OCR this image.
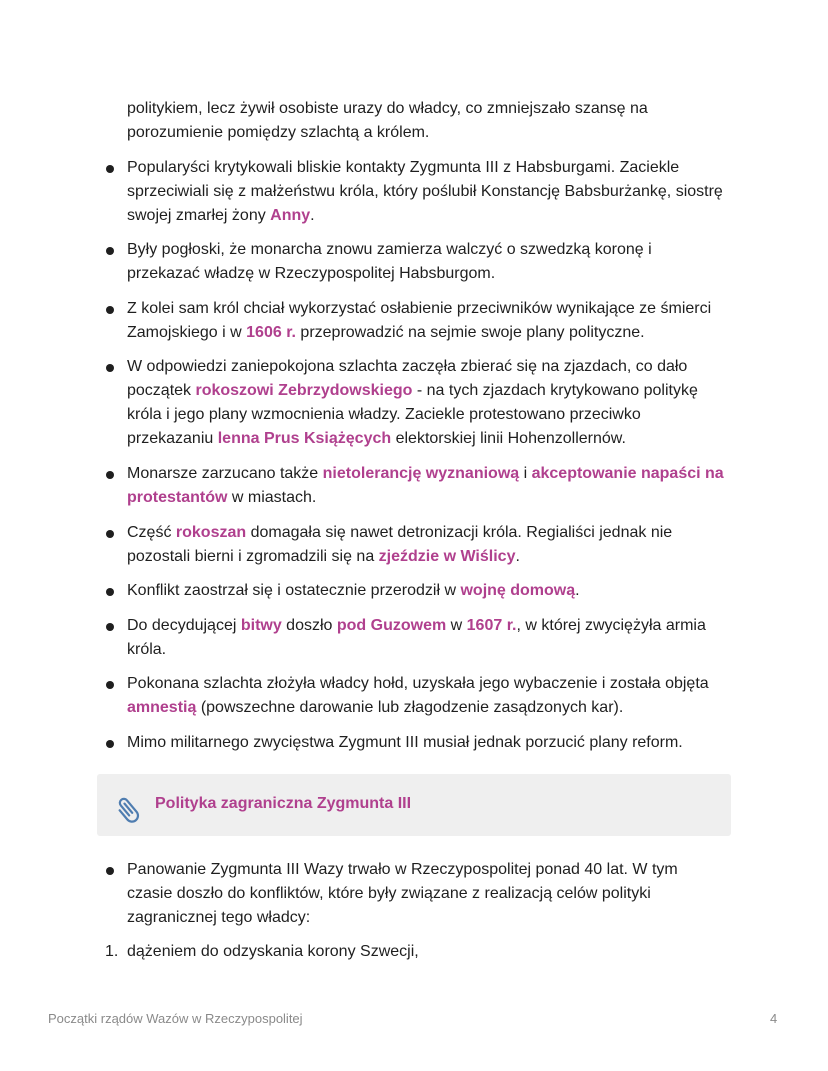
politykiem, lecz żywił osobiste urazy do władcy, co zmniejszało szansę na porozumienie pomiędzy szlachtą a królem.

Popularyści krytykowali bliskie kontakty Zygmunta III z Habsburgami. Zaciekle sprzeciwiali się z małżeństwu króla, który poślubił Konstancję Babsburżankę, siostrę swojej zmarłej żony Anny.

Były pogłoski, że monarcha znowu zamierza walczyć o szwedzką koronę i przekazać władzę w Rzeczypospolitej Habsburgom.

Z kolei sam król chciał wykorzystać osłabienie przeciwników wynikające ze śmierci Zamojskiego i w 1606 r. przeprowadzić na sejmie swoje plany polityczne.

W odpowiedzi zaniepokojona szlachta zaczęła zbierać się na zjazdach, co dało początek rokoszowi Zebrzydowskiego - na tych zjazdach krytykowano politykę króla i jego plany wzmocnienia władzy. Zaciekle protestowano przeciwko przekazaniu lenna Prus Książęcych elektorskiej linii Hohenzollernów.

Monarsze zarzucano także nietolerancję wyznaniową i akceptowanie napaści na protestantów w miastach.

Część rokoszan domagała się nawet detronizacji króla. Regialiści jednak nie pozostali bierni i zgromadzili się na zjeździe w Wiślicy.

Konflikt zaostrzał się i ostatecznie przerodził w wojnę domową.

Do decydującej bitwy doszło pod Guzowem w 1607 r., w której zwyciężyła armia króla.

Pokonana szlachta złożyła władcy hołd, uzyskała jego wybaczenie i została objęta amnestią (powszechne darowanie lub złagodzenie zasądzonych kar).

Mimo militarnego zwycięstwa Zygmunt III musiał jednak porzucić plany reform.

Polityka zagraniczna Zygmunta III

Panowanie Zygmunta III Wazy trwało w Rzeczypospolitej ponad 40 lat. W tym czasie doszło do konfliktów, które były związane z realizacją celów polityki zagranicznej tego władcy:

1. dążeniem do odzyskania korony Szwecji,

Początki rządów Wazów w Rzeczypospolitej	4
